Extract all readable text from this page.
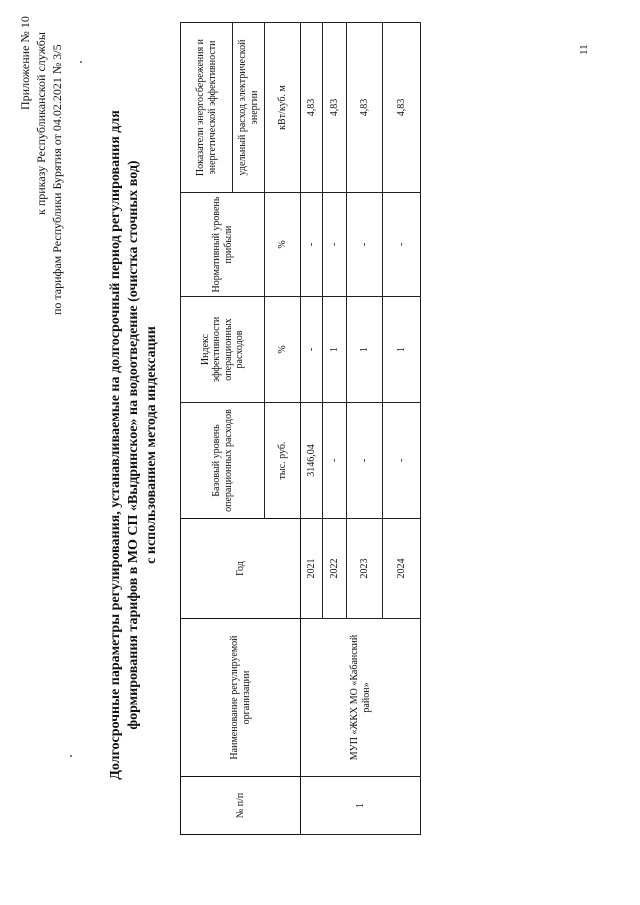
Приложение № 10 к приказу Республиканской службы по тарифам Республики Бурятия от 04.02.2021 № 3/5	11
Долгосрочные параметры регулирования, устанавливаемые на долгосрочный период регулирования для формирования тарифов в МО СП «Выдринское» на водоотведение (очистка сточных вод) с использованием метода индексации
№ п/п	Наименование регулируемой организации	Год	Базовый уровень операционных расходов	Индекс эффективности операционных расходов	Нормативный уровень прибыли	Показатели энергосбережения и энергетической эффективности
						удельный расход электрической энергии
			тыс. руб.	%	%	кВт/куб. м
1	МУП «ЖКХ МО «Кабанский район»	2021	3146,04	-	-	4,83
		2022	-	1	-	4,83
		2023	-	1	-	4,83
		2024	-	1	-	4,83
